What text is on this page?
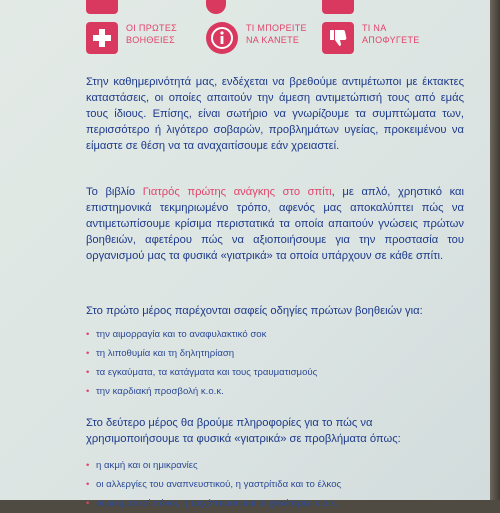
ΟΙ ΠΡΩΤΕΣ
ΒΟΗΘΕΙΕΣ
ΤΙ ΜΠΟΡΕΙΤΕ
ΝΑ ΚΑΝΕΤΕ
ΤΙ ΝΑ
ΑΠΟΦΥΓΕΤΕ
Στην καθημερινότητά μας, ενδέχεται να βρεθούμε αντιμέτωποι με έκτακτες καταστάσεις, οι οποίες απαιτούν την άμεση αντιμετώπισή τους από εμάς τους ίδιους. Επίσης, είναι σωτήριο να γνωρίζουμε τα συμπτώματα των, περισσότερο ή λιγότερο σοβαρών, προβλημάτων υγείας, προκειμένου να είμαστε σε θέση να τα αναχαιτίσουμε εάν χρειαστεί.
Το βιβλίο Γιατρός πρώτης ανάγκης στο σπίτι, με απλό, χρηστικό και επιστημονικά τεκμηριωμένο τρόπο, αφενός μας αποκαλύπτει πώς να αντιμετωπίσουμε κρίσιμα περιστατικά τα οποία απαιτούν γνώσεις πρώτων βοηθειών, αφετέρου πώς να αξιοποιήσουμε για την προστασία του οργανισμού μας τα φυσικά «γιατρικά» τα οποία υπάρχουν σε κάθε σπίτι.
Στο πρώτο μέρος παρέχονται σαφείς οδηγίες πρώτων βοηθειών για:
• την αιμορραγία και το αναφυλακτικό σοκ
• τη λιποθυμία και τη δηλητηρίαση
• τα εγκαύματα, τα κατάγματα και τους τραυματισμούς
• την καρδιακή προσβολή κ.ο.κ.
Στο δεύτερο μέρος θα βρούμε πληροφορίες για το πώς να χρησιμοποιήσουμε τα φυσικά «γιατρικά» σε προβλήματα όπως:
• η ακμή και οι ημικρανίες
• οι αλλεργίες του αναπνευστικού, η γαστρίτιδα και το έλκος
• οι ρευματικοί πόνοι, η τριχόπτωση και οι χιονίστρες κ.ο.κ.
